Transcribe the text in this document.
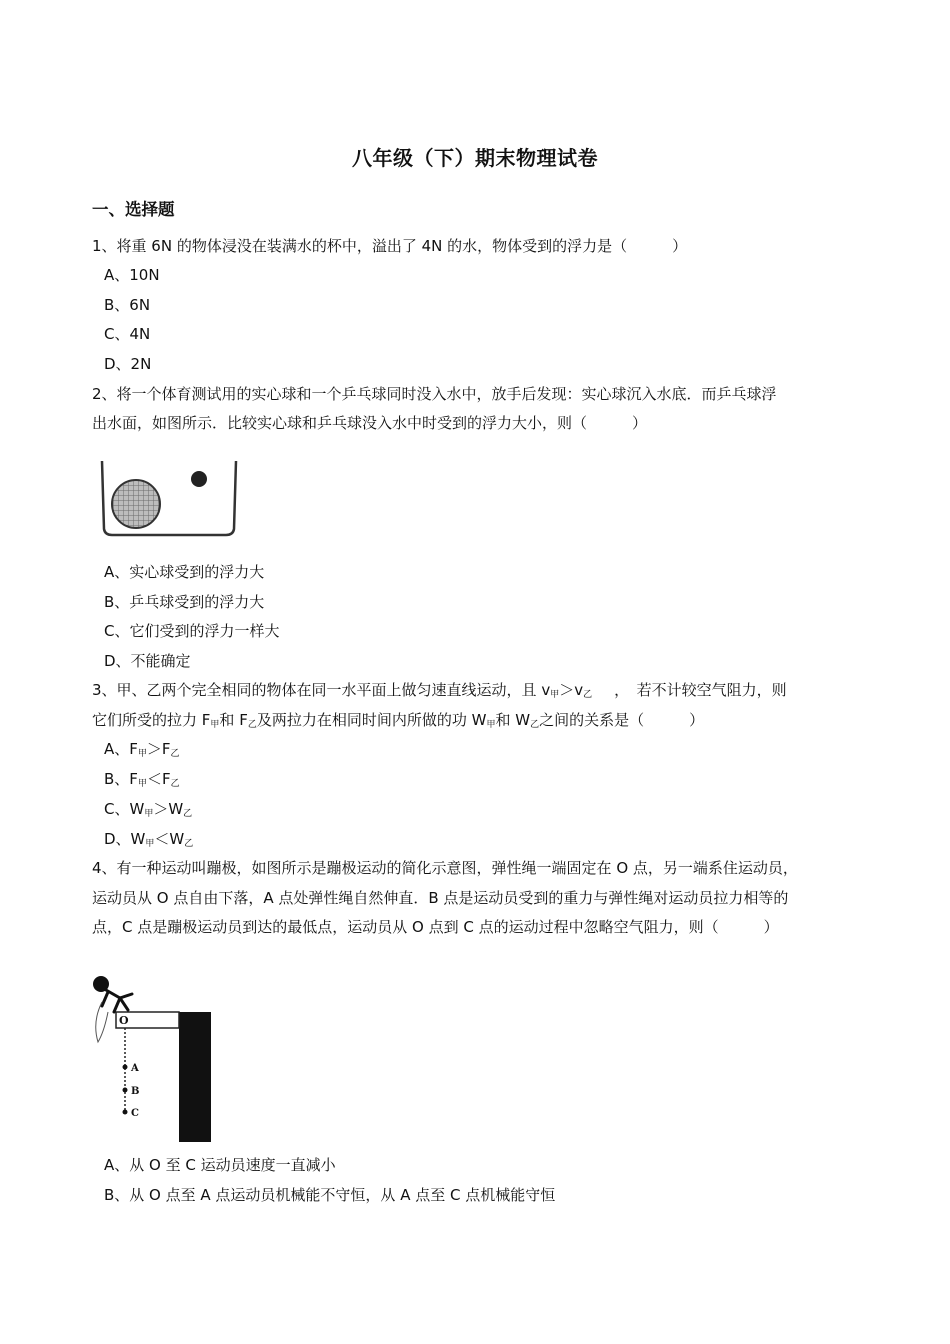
八年级（下）期末物理试卷
一、选择题
1、将重 6N 的物体浸没在装满水的杯中，溢出了 4N 的水，物体受到的浮力是（　　　）
A、10N
B、6N
C、4N
D、2N
2、将一个体育测试用的实心球和一个乒乓球同时没入水中，放手后发现：实心球沉入水底．而乒乓球浮
出水面，如图所示．比较实心球和乒乓球没入水中时受到的浮力大小，则（　　　）
A、实心球受到的浮力大
B、乒乓球受到的浮力大
C、它们受到的浮力一样大
D、不能确定
3、甲、乙两个完全相同的物体在同一水平面上做匀速直线运动，且 $v_甲>v_乙$ ，　若不计较空气阻力，则
它们所受的拉力 $F_甲$和 $F_乙$及两拉力在相同时间内所做的功 $W_甲$和 $W_乙$之间的关系是（　　　）
A、$F_甲>F_乙$
B、$F_甲<F_乙$
C、$W_甲>W_乙$
D、$W_甲<W_乙$
4、有一种运动叫蹦极，如图所示是蹦极运动的简化示意图，弹性绳一端固定在 O 点，另一端系住运动员，
运动员从 O 点自由下落，A 点处弹性绳自然伸直．B 点是运动员受到的重力与弹性绳对运动员拉力相等的
点，C 点是蹦极运动员到达的最低点，运动员从 O 点到 C 点的运动过程中忽略空气阻力，则（　　　）
O
A
B
C
A、从 O 至 C 运动员速度一直减小
B、从 O 点至 A 点运动员机械能不守恒，从 A 点至 C 点机械能守恒
